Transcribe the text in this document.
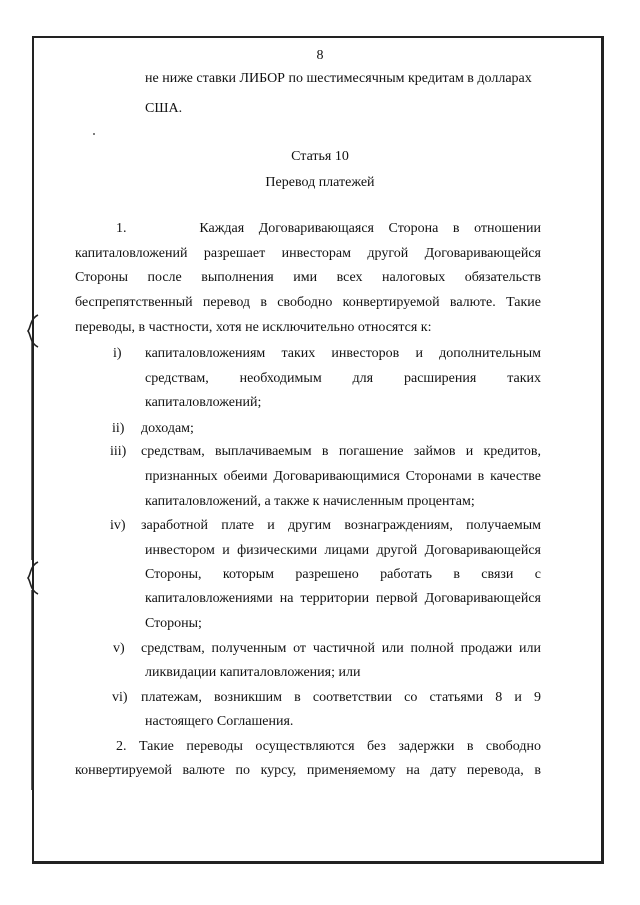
8
не ниже ставки ЛИБОР по шестимесячным кредитам в долларах
США.
Статья 10
Перевод платежей
1.     Каждая Договаривающаяся Сторона в отношении
капиталовложений разрешает инвесторам другой Договаривающейся
Стороны после выполнения ими всех налоговых обязательств
беспрепятственный перевод в свободно конвертируемой валюте. Такие
переводы, в частности, хотя не исключительно относятся к:
i) капиталовложениям таких инвесторов и дополнительным
средствам, необходимым для расширения таких
капиталовложений;
ii) доходам;
iii) средствам, выплачиваемым в погашение займов и кредитов,
признанных обеими Договаривающимися Сторонами в качестве
капиталовложений, а также к начисленным процентам;
iv) заработной плате и другим вознаграждениям, получаемым
инвестором и физическими лицами другой Договаривающейся
Стороны, которым разрешено работать в связи с
капиталовложениями на территории первой Договаривающейся
Стороны;
v) средствам, полученным от частичной или полной продажи или
ликвидации капиталовложения; или
vi) платежам, возникшим в соответствии со статьями 8 и 9
настоящего Соглашения.
2. Такие переводы осуществляются без задержки в свободно
конвертируемой валюте по курсу, применяемому на дату перевода, в
